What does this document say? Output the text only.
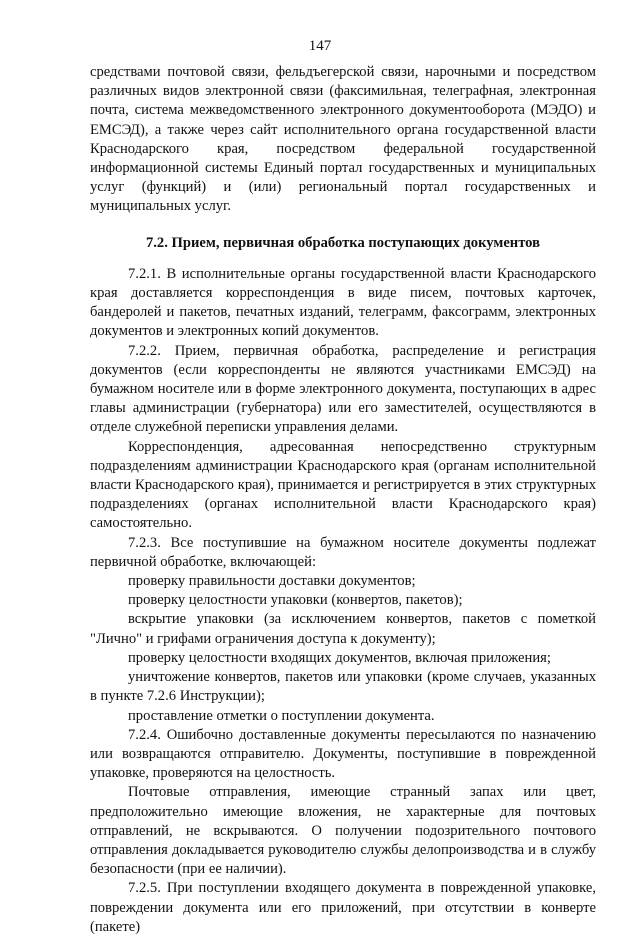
147

средствами почтовой связи, фельдъегерской связи, нарочными и посредством различных видов электронной связи (факсимильная, телеграфная, электронная почта, система межведомственного электронного документооборота (МЭДО) и ЕМСЭД), а также через сайт исполнительного органа государственной власти Краснодарского края, посредством федеральной государственной информационной системы Единый портал государственных и муниципальных услуг (функций) и (или) региональный портал государственных и муниципальных услуг.

7.2. Прием, первичная обработка поступающих документов

7.2.1. В исполнительные органы государственной власти Краснодарского края доставляется корреспонденция в виде писем, почтовых карточек, бандеролей и пакетов, печатных изданий, телеграмм, факсограмм, электронных документов и электронных копий документов.

7.2.2. Прием, первичная обработка, распределение и регистрация документов (если корреспонденты не являются участниками ЕМСЭД) на бумажном носителе или в форме электронного документа, поступающих в адрес главы администрации (губернатора) или его заместителей, осуществляются в отделе служебной переписки управления делами.

Корреспонденция, адресованная непосредственно структурным подразделениям администрации Краснодарского края (органам исполнительной власти Краснодарского края), принимается и регистрируется в этих структурных подразделениях (органах исполнительной власти Краснодарского края) самостоятельно.

7.2.3. Все поступившие на бумажном носителе документы подлежат первичной обработке, включающей:

проверку правильности доставки документов;

проверку целостности упаковки (конвертов, пакетов);

вскрытие упаковки (за исключением конвертов, пакетов с пометкой "Лично" и грифами ограничения доступа к документу);

проверку целостности входящих документов, включая приложения;

уничтожение конвертов, пакетов или упаковки (кроме случаев, указанных в пункте 7.2.6 Инструкции);

проставление отметки о поступлении документа.

7.2.4. Ошибочно доставленные документы пересылаются по назначению или возвращаются отправителю. Документы, поступившие в поврежденной упаковке, проверяются на целостность.

Почтовые отправления, имеющие странный запах или цвет, предположительно имеющие вложения, не характерные для почтовых отправлений, не вскрываются. О получении подозрительного почтового отправления докладывается руководителю службы делопроизводства и в службу безопасности (при ее наличии).

7.2.5. При поступлении входящего документа в поврежденной упаковке, повреждении документа или его приложений, при отсутствии в конверте (пакете)
